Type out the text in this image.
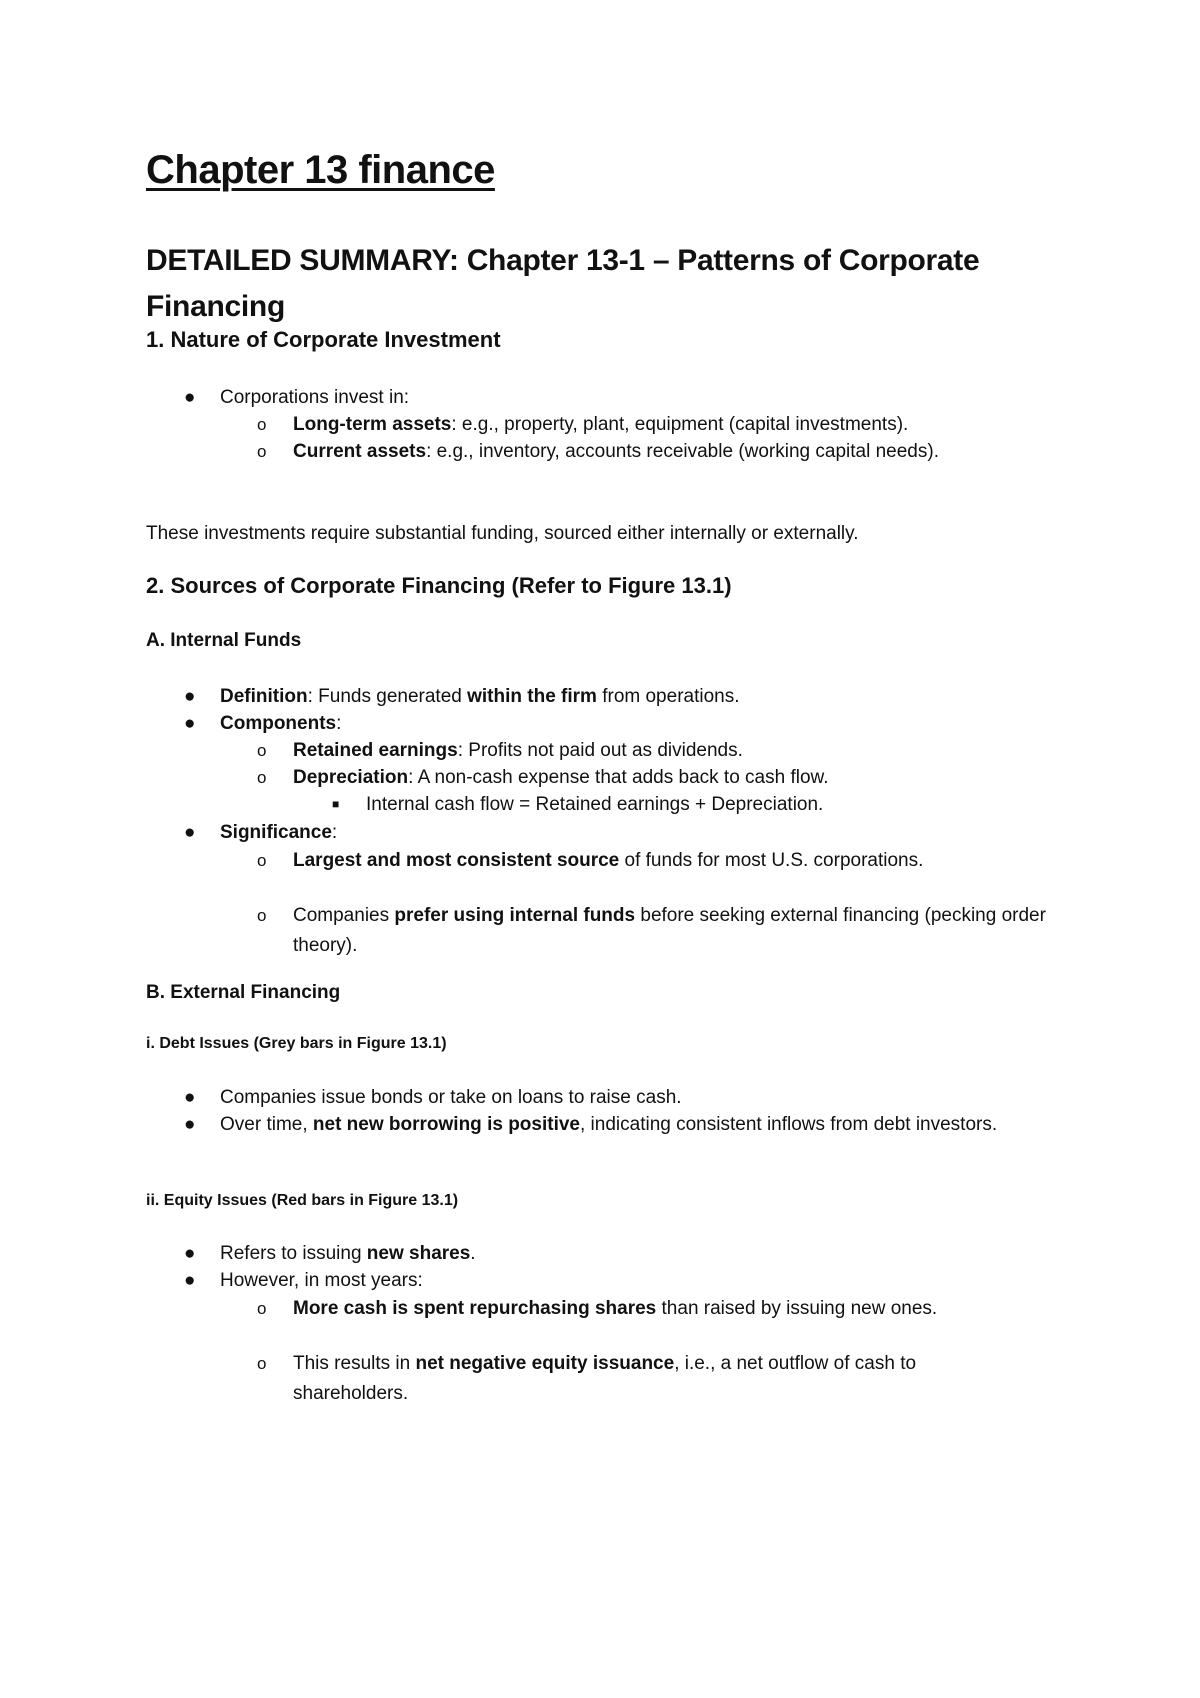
Chapter 13 finance
DETAILED SUMMARY: Chapter 13-1 – Patterns of Corporate Financing
1. Nature of Corporate Investment
● Corporations invest in:
o Long-term assets: e.g., property, plant, equipment (capital investments).
o Current assets: e.g., inventory, accounts receivable (working capital needs).

These investments require substantial funding, sourced either internally or externally.

2. Sources of Corporate Financing (Refer to Figure 13.1)
A. Internal Funds
● Definition: Funds generated within the firm from operations.
● Components:
o Retained earnings: Profits not paid out as dividends.
o Depreciation: A non-cash expense that adds back to cash flow.
■ Internal cash flow = Retained earnings + Depreciation.
● Significance:
o Largest and most consistent source of funds for most U.S. corporations.
o Companies prefer using internal funds before seeking external financing (pecking order theory).
B. External Financing
i. Debt Issues (Grey bars in Figure 13.1)
● Companies issue bonds or take on loans to raise cash.
● Over time, net new borrowing is positive, indicating consistent inflows from debt investors.
ii. Equity Issues (Red bars in Figure 13.1)
● Refers to issuing new shares.
● However, in most years:
o More cash is spent repurchasing shares than raised by issuing new ones.
o This results in net negative equity issuance, i.e., a net outflow of cash to shareholders.
